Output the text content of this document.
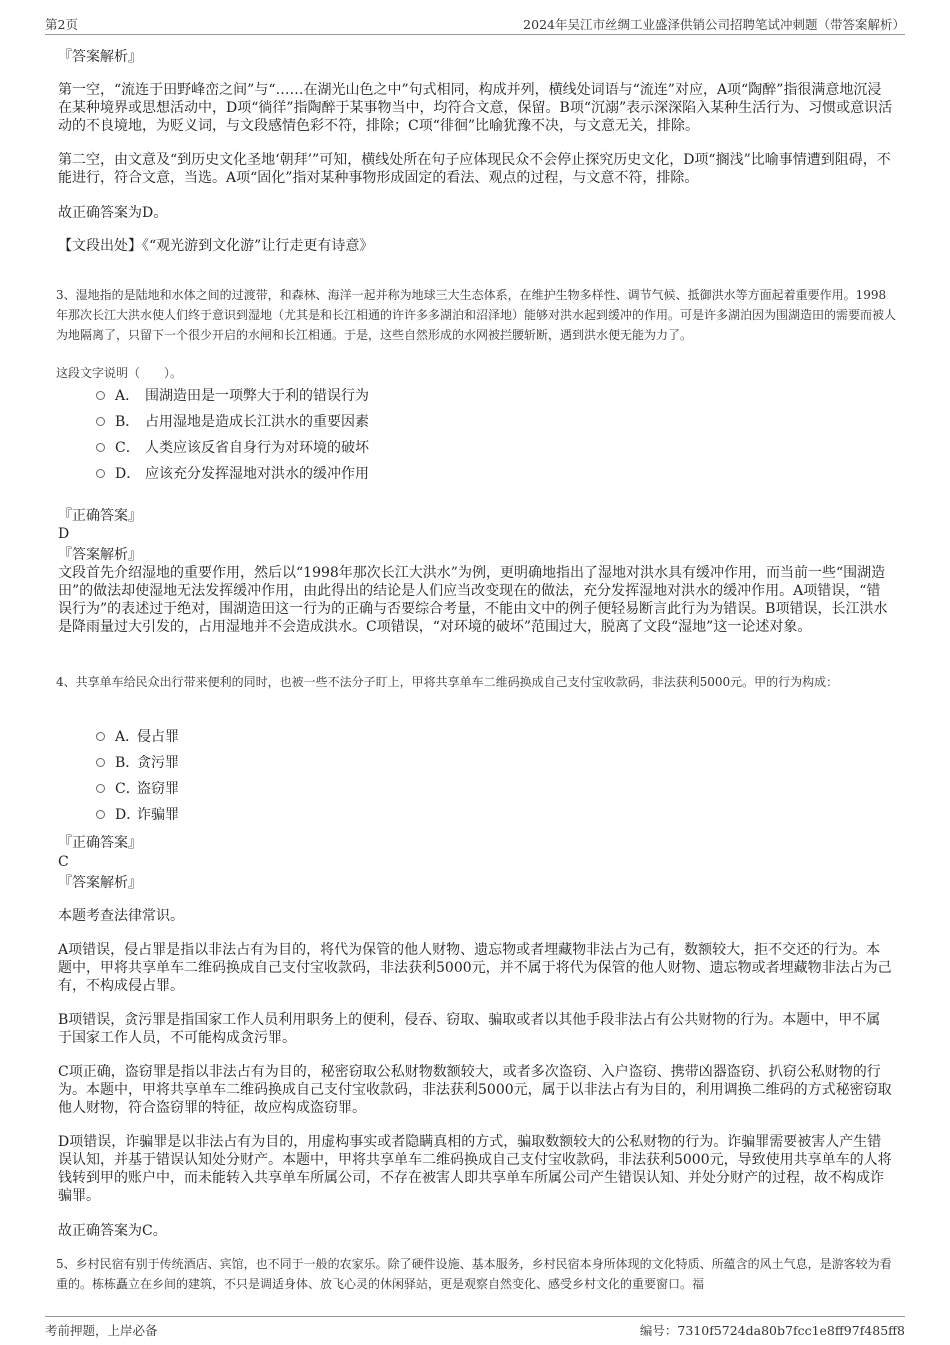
第2页	2024年吴江市丝绸工业盛泽供销公司招聘笔试冲刺题（带答案解析）

『答案解析』

第一空，“流连于田野峰峦之间”与“……在湖光山色之中”句式相同，构成并列，横线处词语与“流连”对应，A项“陶醉”指很满意地沉浸在某种境界或思想活动中，D项“徜徉”指陶醉于某事物当中，均符合文意，保留。B项“沉溺”表示深深陷入某种生活行为、习惯或意识活动的不良境地，为贬义词，与文段感情色彩不符，排除；C项“徘徊”比喻犹豫不决，与文意无关，排除。

第二空，由文意及“到历史文化圣地‘朝拜’”可知，横线处所在句子应体现民众不会停止探究历史文化，D项“搁浅”比喻事情遭到阻碍，不能进行，符合文意，当选。A项“固化”指对某种事物形成固定的看法、观点的过程，与文意不符，排除。

故正确答案为D。

【文段出处】《“观光游到文化游”让行走更有诗意》

3、湿地指的是陆地和水体之间的过渡带，和森林、海洋一起并称为地球三大生态体系，在维护生物多样性、调节气候、抵御洪水等方面起着重要作用。1998年那次长江大洪水使人们终于意识到湿地（尤其是和长江相通的许许多多湖泊和沼泽地）能够对洪水起到缓冲的作用。可是许多湖泊因为围湖造田的需要而被人为地隔离了，只留下一个很少开启的水闸和长江相通。于是，这些自然形成的水网被拦腰斩断，遇到洪水便无能为力了。

这段文字说明（　　）。

A． 围湖造田是一项弊大于利的错误行为
B． 占用湿地是造成长江洪水的重要因素
C． 人类应该反省自身行为对环境的破坏
D． 应该充分发挥湿地对洪水的缓冲作用

『正确答案』

D

『答案解析』

文段首先介绍湿地的重要作用，然后以“1998年那次长江大洪水”为例，更明确地指出了湿地对洪水具有缓冲作用，而当前一些“围湖造田”的做法却使湿地无法发挥缓冲作用，由此得出的结论是人们应当改变现在的做法，充分发挥湿地对洪水的缓冲作用。A项错误，“错误行为”的表述过于绝对，围湖造田这一行为的正确与否要综合考量，不能由文中的例子便轻易断言此行为为错误。B项错误，长江洪水是降雨量过大引发的，占用湿地并不会造成洪水。C项错误，“对环境的破坏”范围过大，脱离了文段“湿地”这一论述对象。

4、共享单车给民众出行带来便利的同时，也被一些不法分子盯上，甲将共享单车二维码换成自己支付宝收款码，非法获利5000元。甲的行为构成：

A．侵占罪
B．贪污罪
C．盗窃罪
D．诈骗罪

『正确答案』

C

『答案解析』

本题考查法律常识。

A项错误，侵占罪是指以非法占有为目的，将代为保管的他人财物、遗忘物或者埋藏物非法占为己有，数额较大，拒不交还的行为。本题中，甲将共享单车二维码换成自己支付宝收款码，非法获利5000元，并不属于将代为保管的他人财物、遗忘物或者埋藏物非法占为己有，不构成侵占罪。

B项错误，贪污罪是指国家工作人员利用职务上的便利，侵吞、窃取、骗取或者以其他手段非法占有公共财物的行为。本题中，甲不属于国家工作人员，不可能构成贪污罪。

C项正确，盗窃罪是指以非法占有为目的，秘密窃取公私财物数额较大，或者多次盗窃、入户盗窃、携带凶器盗窃、扒窃公私财物的行为。本题中，甲将共享单车二维码换成自己支付宝收款码，非法获利5000元，属于以非法占有为目的，利用调换二维码的方式秘密窃取他人财物，符合盗窃罪的特征，故应构成盗窃罪。

D项错误，诈骗罪是以非法占有为目的，用虚构事实或者隐瞒真相的方式，骗取数额较大的公私财物的行为。诈骗罪需要被害人产生错误认知，并基于错误认知处分财产。本题中，甲将共享单车二维码换成自己支付宝收款码，非法获利5000元，导致使用共享单车的人将钱转到甲的账户中，而未能转入共享单车所属公司，不存在被害人即共享单车所属公司产生错误认知、并处分财产的过程，故不构成诈骗罪。

故正确答案为C。

5、乡村民宿有别于传统酒店、宾馆，也不同于一般的农家乐。除了硬件设施、基本服务，乡村民宿本身所体现的文化特质、所蕴含的风土气息，是游客较为看重的。栋栋矗立在乡间的建筑，不只是调适身体、放飞心灵的休闲驿站，更是观察自然变化、感受乡村文化的重要窗口。福

考前押题，上岸必备	编号：7310f5724da80b7fcc1e8ff97f485ff8
